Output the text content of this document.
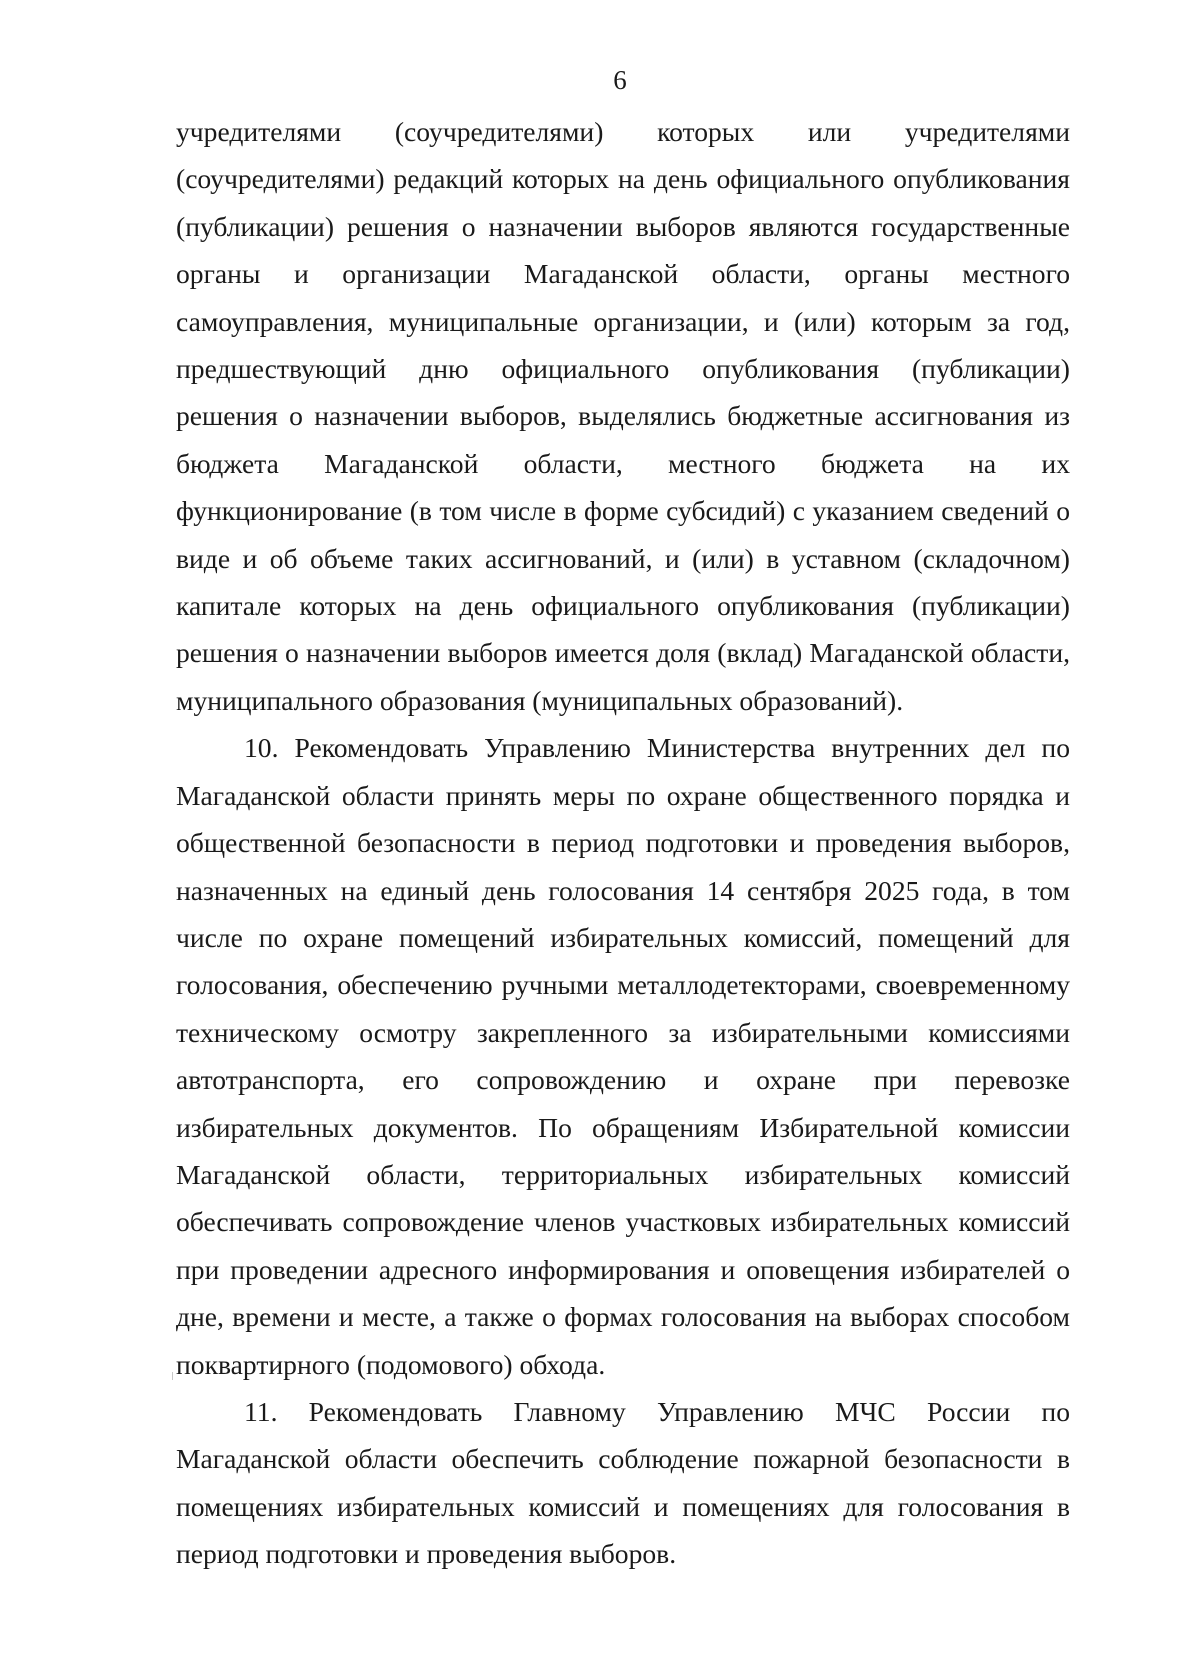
6

учредителями (соучредителями) которых или учредителями (соучредителями) редакций которых на день официального опубликования (публикации) решения о назначении выборов являются государственные органы и организации Магаданской области, органы местного самоуправления, муниципальные организации, и (или) которым за год, предшествующий дню официального опубликования (публикации) решения о назначении выборов, выделялись бюджетные ассигнования из бюджета Магаданской области, местного бюджета на их функционирование (в том числе в форме субсидий) с указанием сведений о виде и об объеме таких ассигнований, и (или) в уставном (складочном) капитале которых на день официального опубликования (публикации) решения о назначении выборов имеется доля (вклад) Магаданской области, муниципального образования (муниципальных образований).

10. Рекомендовать Управлению Министерства внутренних дел по Магаданской области принять меры по охране общественного порядка и общественной безопасности в период подготовки и проведения выборов, назначенных на единый день голосования 14 сентября 2025 года, в том числе по охране помещений избирательных комиссий, помещений для голосования, обеспечению ручными металлодетекторами, своевременному техническому осмотру закрепленного за избирательными комиссиями автотранспорта, его сопровождению и охране при перевозке избирательных документов. По обращениям Избирательной комиссии Магаданской области, территориальных избирательных комиссий обеспечивать сопровождение членов участковых избирательных комиссий при проведении адресного информирования и оповещения избирателей о дне, времени и месте, а также о формах голосования на выборах способом поквартирного (подомового) обхода.

11. Рекомендовать Главному Управлению МЧС России по Магаданской области обеспечить соблюдение пожарной безопасности в помещениях избирательных комиссий и помещениях для голосования в период подготовки и проведения выборов.
